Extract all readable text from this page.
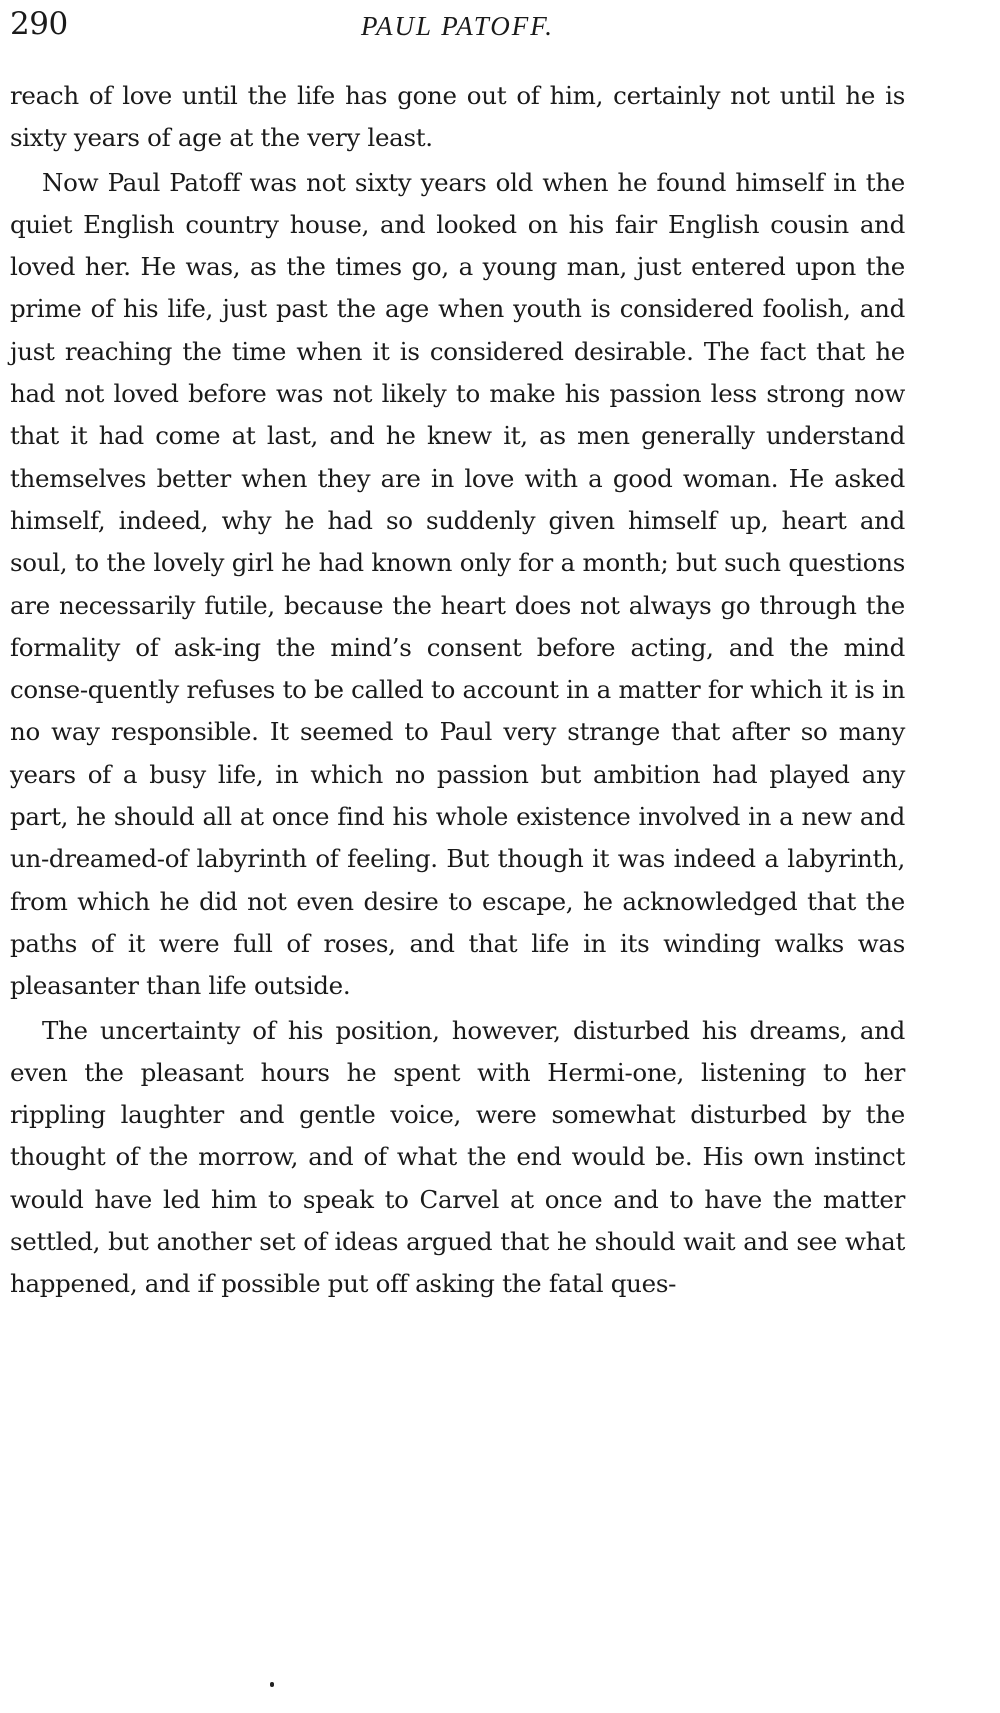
290	PAUL PATOFF.

reach of love until the life has gone out of him, certainly not until he is sixty years of age at the very least.

Now Paul Patoff was not sixty years old when he found himself in the quiet English country house, and looked on his fair English cousin and loved her. He was, as the times go, a young man, just entered upon the prime of his life, just past the age when youth is considered foolish, and just reaching the time when it is considered desirable. The fact that he had not loved before was not likely to make his passion less strong now that it had come at last, and he knew it, as men generally understand themselves better when they are in love with a good woman. He asked himself, indeed, why he had so suddenly given himself up, heart and soul, to the lovely girl he had known only for a month; but such questions are necessarily futile, because the heart does not always go through the formality of ask-ing the mind’s consent before acting, and the mind conse-quently refuses to be called to account in a matter for which it is in no way responsible. It seemed to Paul very strange that after so many years of a busy life, in which no passion but ambition had played any part, he should all at once find his whole existence involved in a new and un-dreamed-of labyrinth of feeling. But though it was indeed a labyrinth, from which he did not even desire to escape, he acknowledged that the paths of it were full of roses, and that life in its winding walks was pleasanter than life outside.

The uncertainty of his position, however, disturbed his dreams, and even the pleasant hours he spent with Hermi-one, listening to her rippling laughter and gentle voice, were somewhat disturbed by the thought of the morrow, and of what the end would be. His own instinct would have led him to speak to Carvel at once and to have the matter settled, but another set of ideas argued that he should wait and see what happened, and if possible put off asking the fatal ques-
